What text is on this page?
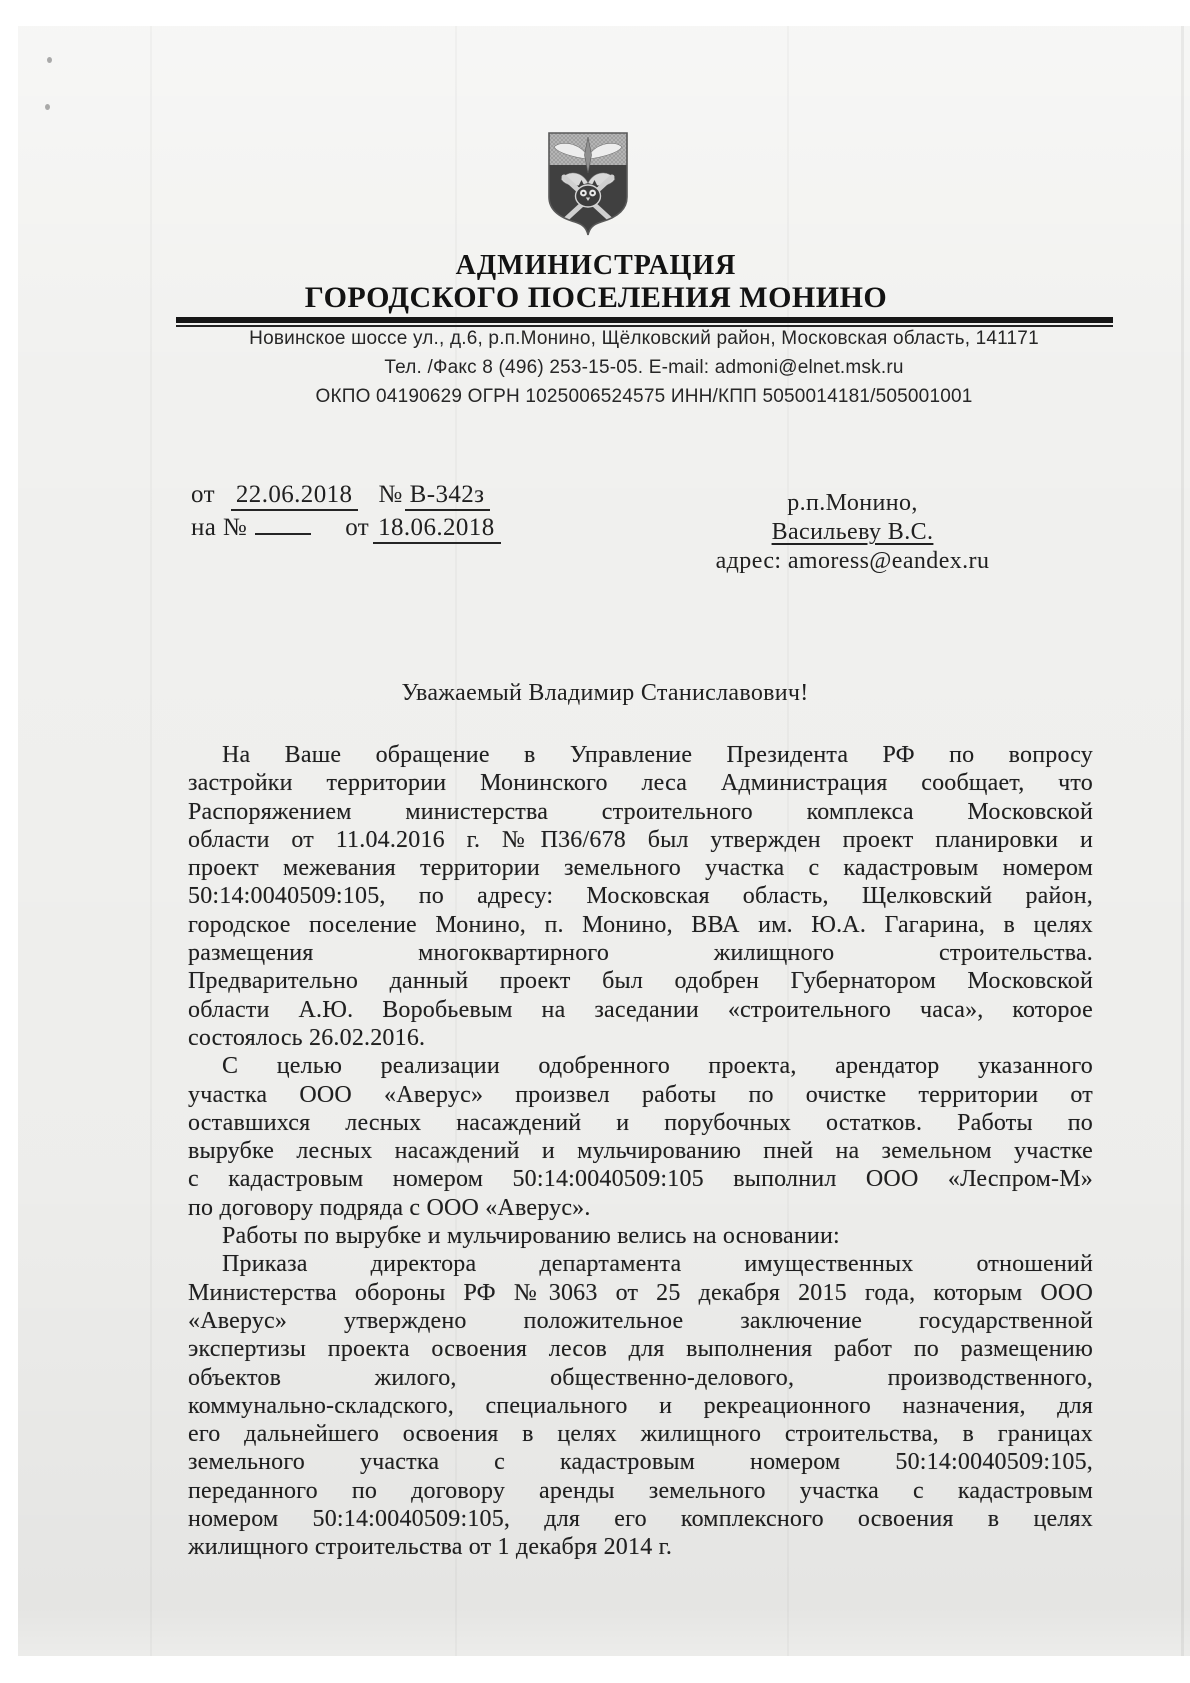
АДМИНИСТРАЦИЯ
ГОРОДСКОГО ПОСЕЛЕНИЯ МОНИНО
Новинское шоссе ул., д.6, р.п.Монино, Щёлковский район, Московская область, 141171
Тел. /Факс 8 (496) 253-15-05. E-mail: admoni@elnet.msk.ru
ОКПО 04190629 ОГРН 1025006524575 ИНН/КПП 5050014181/505001001
от 22.06.2018 № В-342з
на №	от 18.06.2018
р.п.Монино,
Васильеву В.С.
адрес: amoress@eandex.ru
Уважаемый Владимир Станиславович!
На Ваше обращение в Управление Президента РФ по вопросу
застройки территории Монинского леса Администрация сообщает, что
Распоряжением министерства строительного комплекса Московской
области от 11.04.2016 г. №П36/678 был утвержден проект планировки и
проект межевания территории земельного участка с кадастровым номером
50:14:0040509:105, по адресу: Московская область, Щелковский район,
городское поселение Монино, п. Монино, ВВА им. Ю.А. Гагарина, в целях
размещения многоквартирного жилищного строительства.
Предварительно данный проект был одобрен Губернатором Московской
области А.Ю. Воробьевым на заседании «строительного часа», которое
состоялось 26.02.2016.
С целью реализации одобренного проекта, арендатор указанного
участка ООО «Аверус» произвел работы по очистке территории от
оставшихся лесных насаждений и порубочных остатков. Работы по
вырубке лесных насаждений и мульчированию пней на земельном участке
с кадастровым номером 50:14:0040509:105 выполнил ООО «Леспром-М»
по договору подряда с ООО «Аверус».
Работы по вырубке и мульчированию велись на основании:
Приказа директора департамента имущественных отношений
Министерства обороны РФ №3063 от 25 декабря 2015 года, которым ООО
«Аверус» утверждено положительное заключение государственной
экспертизы проекта освоения лесов для выполнения работ по размещению
объектов жилого, общественно-делового, производственного,
коммунально-складского, специального и рекреационного назначения, для
его дальнейшего освоения в целях жилищного строительства, в границах
земельного участка с кадастровым номером 50:14:0040509:105,
переданного по договору аренды земельного участка с кадастровым
номером 50:14:0040509:105, для его комплексного освоения в целях
жилищного строительства от 1 декабря 2014 г.
